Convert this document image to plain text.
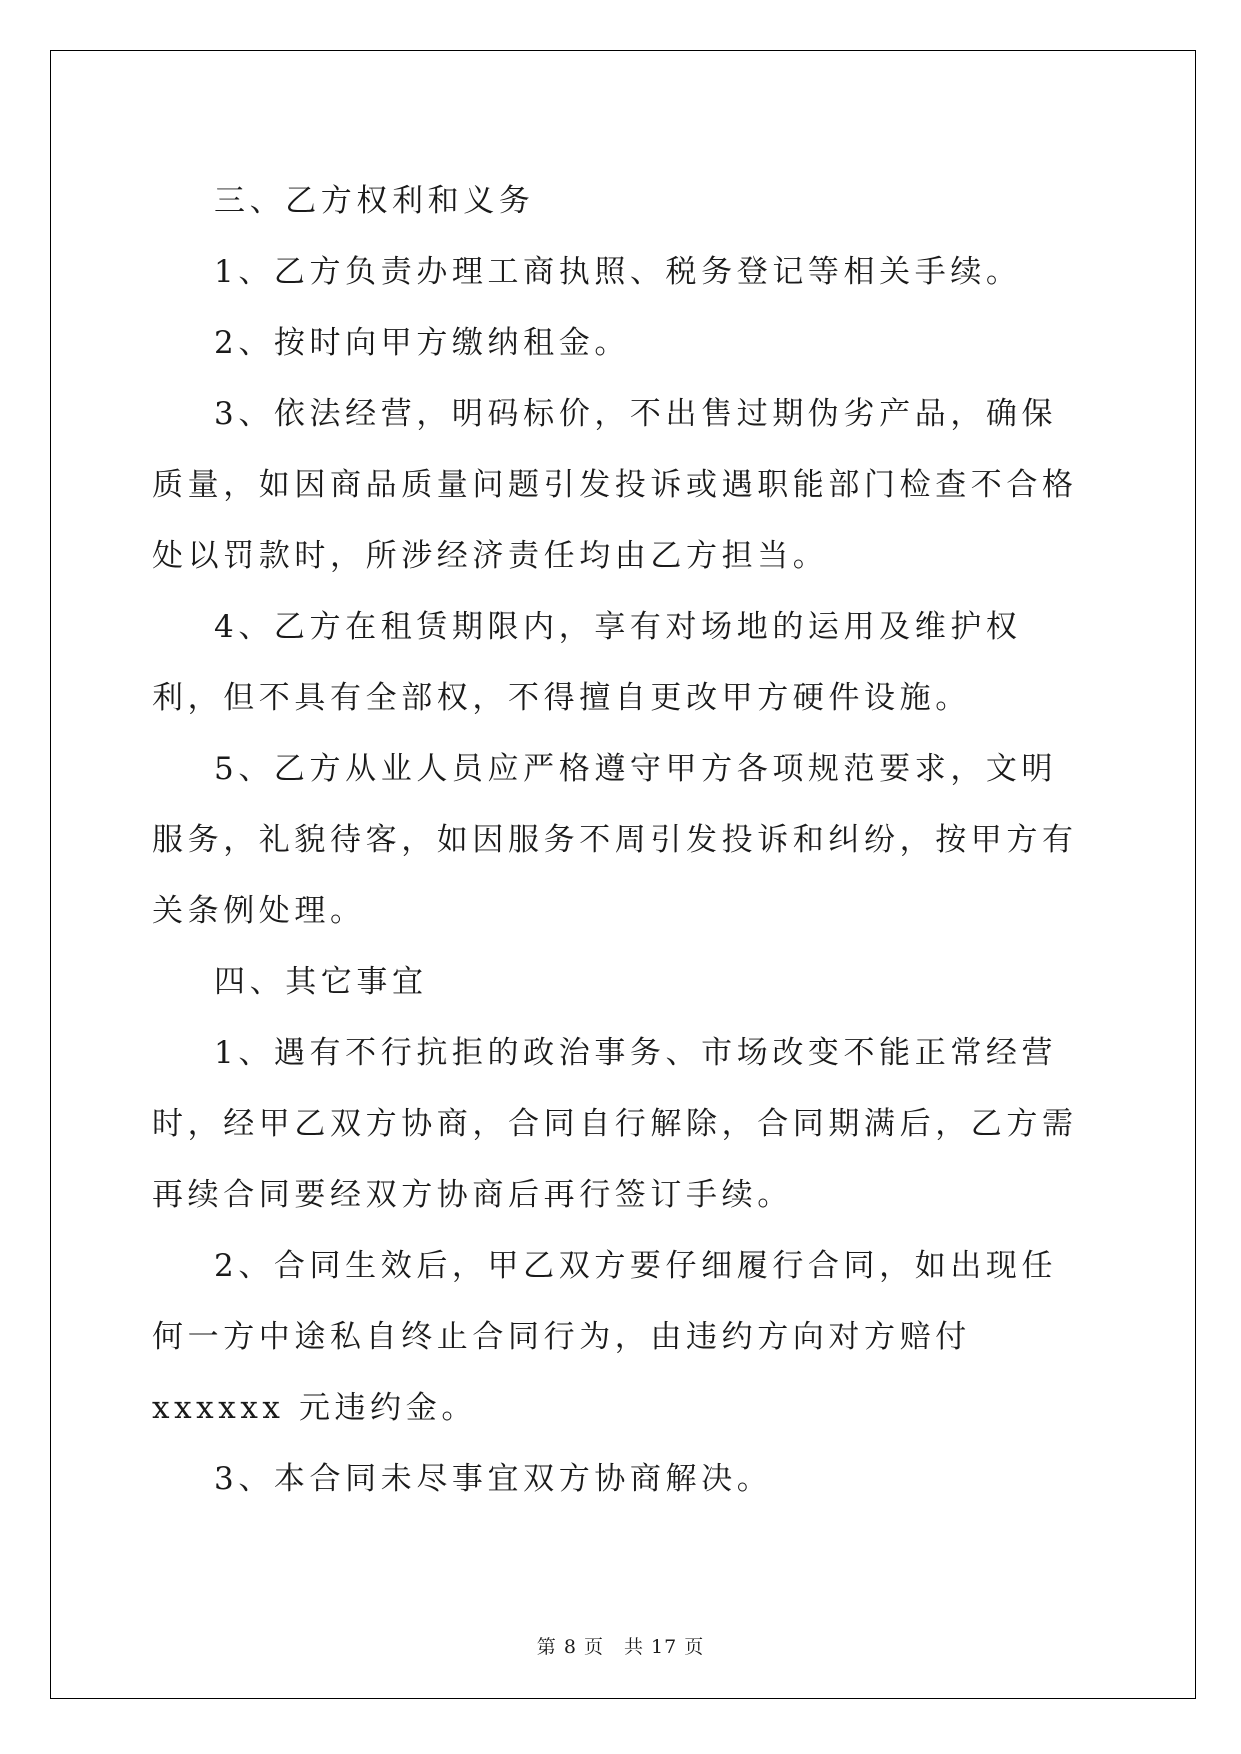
三、乙方权利和义务

1、乙方负责办理工商执照、税务登记等相关手续。

2、按时向甲方缴纳租金。

3、依法经营，明码标价，不出售过期伪劣产品，确保质量，如因商品质量问题引发投诉或遇职能部门检查不合格处以罚款时，所涉经济责任均由乙方担当。

4、乙方在租赁期限内，享有对场地的运用及维护权利，但不具有全部权，不得擅自更改甲方硬件设施。

5、乙方从业人员应严格遵守甲方各项规范要求，文明服务，礼貌待客，如因服务不周引发投诉和纠纷，按甲方有关条例处理。

四、其它事宜

1、遇有不行抗拒的政治事务、市场改变不能正常经营时，经甲乙双方协商，合同自行解除，合同期满后，乙方需再续合同要经双方协商后再行签订手续。

2、合同生效后，甲乙双方要仔细履行合同，如出现任何一方中途私自终止合同行为，由违约方向对方赔付 xxxxxx 元违约金。

3、本合同未尽事宜双方协商解决。

第 8 页 共 17 页
